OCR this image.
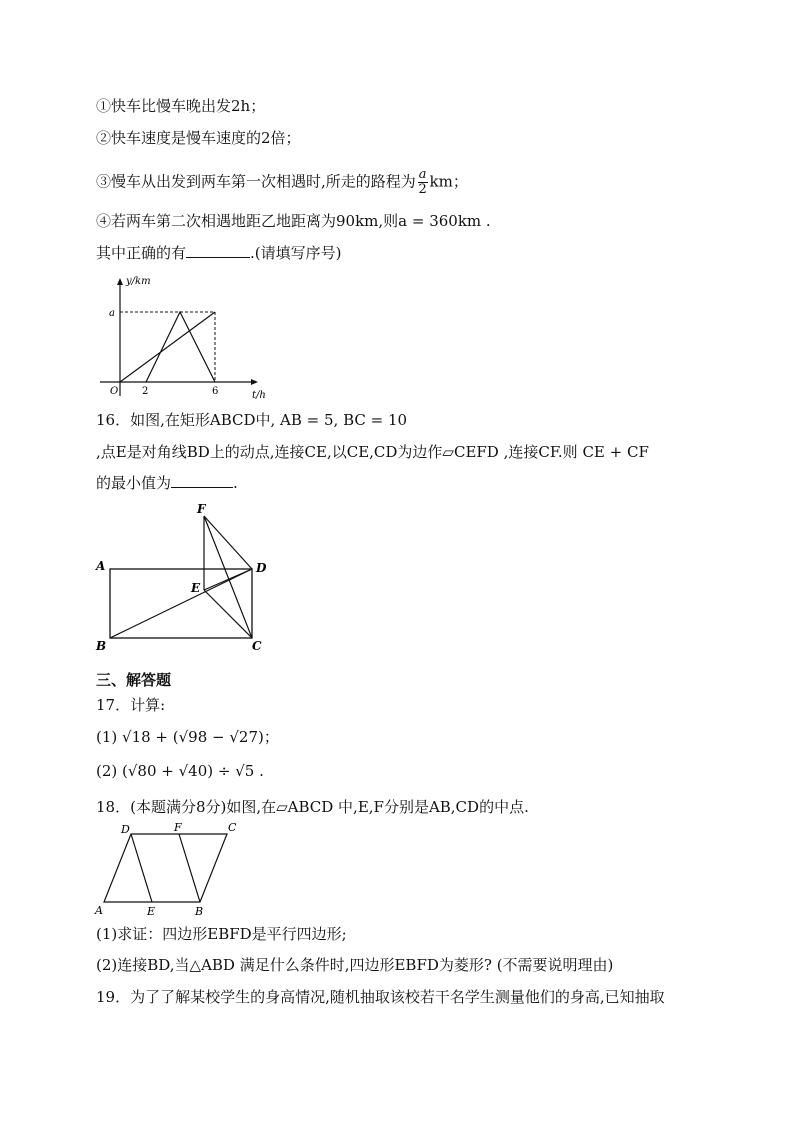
①快车比慢车晚出发2h；
②快车速度是慢车速度的2倍；
③慢车从出发到两车第一次相遇时,所走的路程为 $\frac{a}{2}$ km；
④若两车第二次相遇地距乙地距离为90km,则a = 360km .
其中正确的有	.(请填写序号)
y/km
t/h
O
a
2	6
16．如图,在矩形ABCD中, AB = 5, BC = 10
,点E是对角线BD上的动点,连接CE,以CE,CD为边作▱CEFD ,连接CF.则 CE + CF
的最小值为	.
A
B	C
D
E
F
三、解答题
17．计算:
(1) √18 + (√98 − √27)；
(2) (√80 + √40) ÷ √5 .
18．(本题满分8分)如图,在▱ABCD 中,E,F分别是AB,CD的中点.
A	E	B
D	F	C
(1)求证：四边形EBFD是平行四边形;
(2)连接BD,当△ABD 满足什么条件时,四边形EBFD为菱形? (不需要说明理由)
19．为了了解某校学生的身高情况,随机抽取该校若干名学生测量他们的身高,已知抽取
